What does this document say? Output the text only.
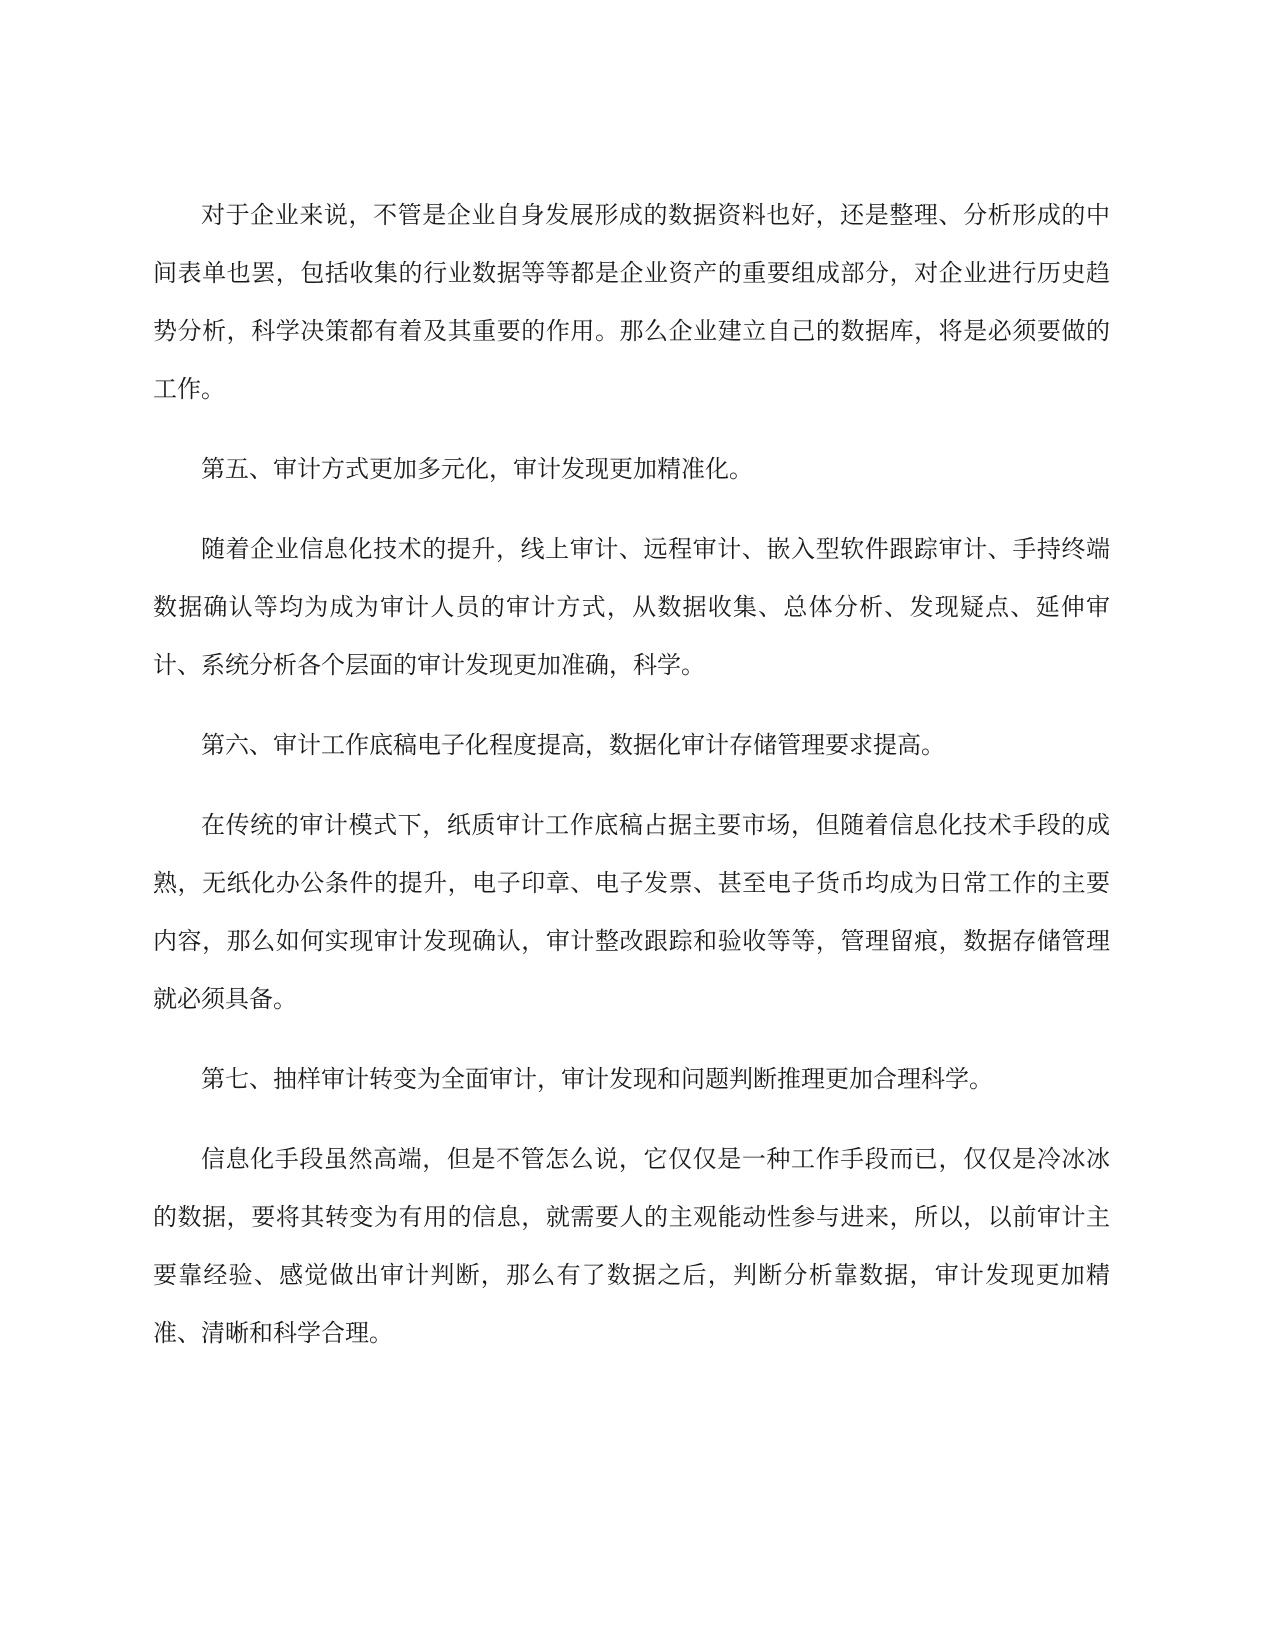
对于企业来说，不管是企业自身发展形成的数据资料也好，还是整理、分析形成的中间表单也罢，包括收集的行业数据等等都是企业资产的重要组成部分，对企业进行历史趋势分析，科学决策都有着及其重要的作用。那么企业建立自己的数据库，将是必须要做的工作。

第五、审计方式更加多元化，审计发现更加精准化。

随着企业信息化技术的提升，线上审计、远程审计、嵌入型软件跟踪审计、手持终端数据确认等均为成为审计人员的审计方式，从数据收集、总体分析、发现疑点、延伸审计、系统分析各个层面的审计发现更加准确，科学。

第六、审计工作底稿电子化程度提高，数据化审计存储管理要求提高。

在传统的审计模式下，纸质审计工作底稿占据主要市场，但随着信息化技术手段的成熟，无纸化办公条件的提升，电子印章、电子发票、甚至电子货币均成为日常工作的主要内容，那么如何实现审计发现确认，审计整改跟踪和验收等等，管理留痕，数据存储管理就必须具备。

第七、抽样审计转变为全面审计，审计发现和问题判断推理更加合理科学。

信息化手段虽然高端，但是不管怎么说，它仅仅是一种工作手段而已，仅仅是冷冰冰的数据，要将其转变为有用的信息，就需要人的主观能动性参与进来，所以，以前审计主要靠经验、感觉做出审计判断，那么有了数据之后，判断分析靠数据，审计发现更加精准、清晰和科学合理。
